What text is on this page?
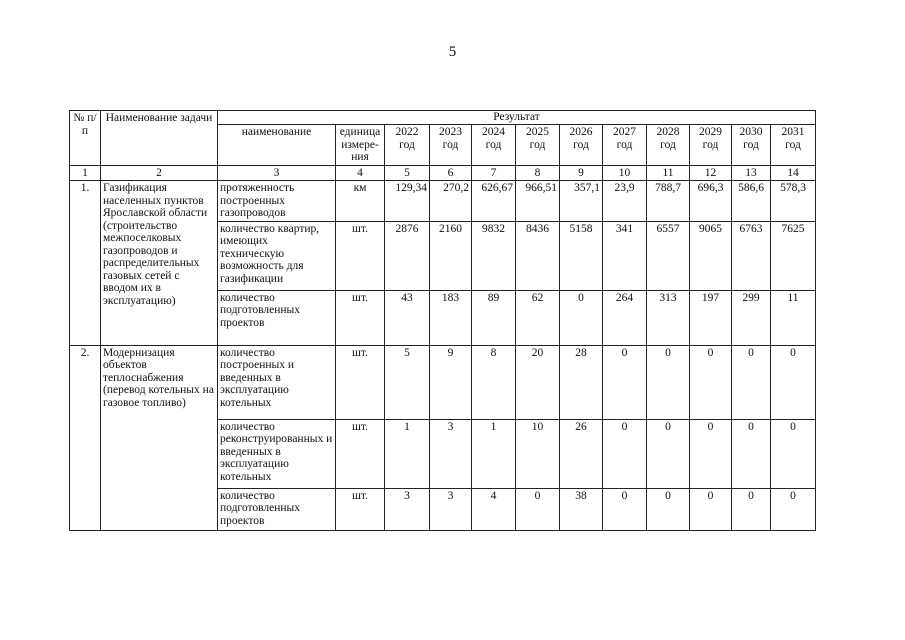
5
№ п/п	Наименование задачи	Результат											
		наименование	единица измере-ния	2022 год	2023 год	2024 год	2025 год	2026 год	2027 год	2028 год	2029 год	2030 год	2031 год
1	2	3	4	5	6	7	8	9	10	11	12	13	14
1.	Газификация населенных пунктов Ярославской области (строительство межпоселковых газопроводов и распределительных газовых сетей с вводом их в эксплуатацию)	протяженность построенных газопроводов	км	129,34	270,2	626,67	966,51	357,1	23,9	788,7	696,3	586,6	578,3
		количество квартир, имеющих техническую возможность для газификации	шт.	2876	2160	9832	8436	5158	341	6557	9065	6763	7625
		количество подготовленных проектов	шт.	43	183	89	62	0	264	313	197	299	11
2.	Модернизация объектов теплоснабжения (перевод котельных на газовое топливо)	количество построенных и введенных в эксплуатацию котельных	шт.	5	9	8	20	28	0	0	0	0	0
		количество реконструированных и введенных в эксплуатацию котельных	шт.	1	3	1	10	26	0	0	0	0	0
		количество подготовленных проектов	шт.	3	3	4	0	38	0	0	0	0	0
